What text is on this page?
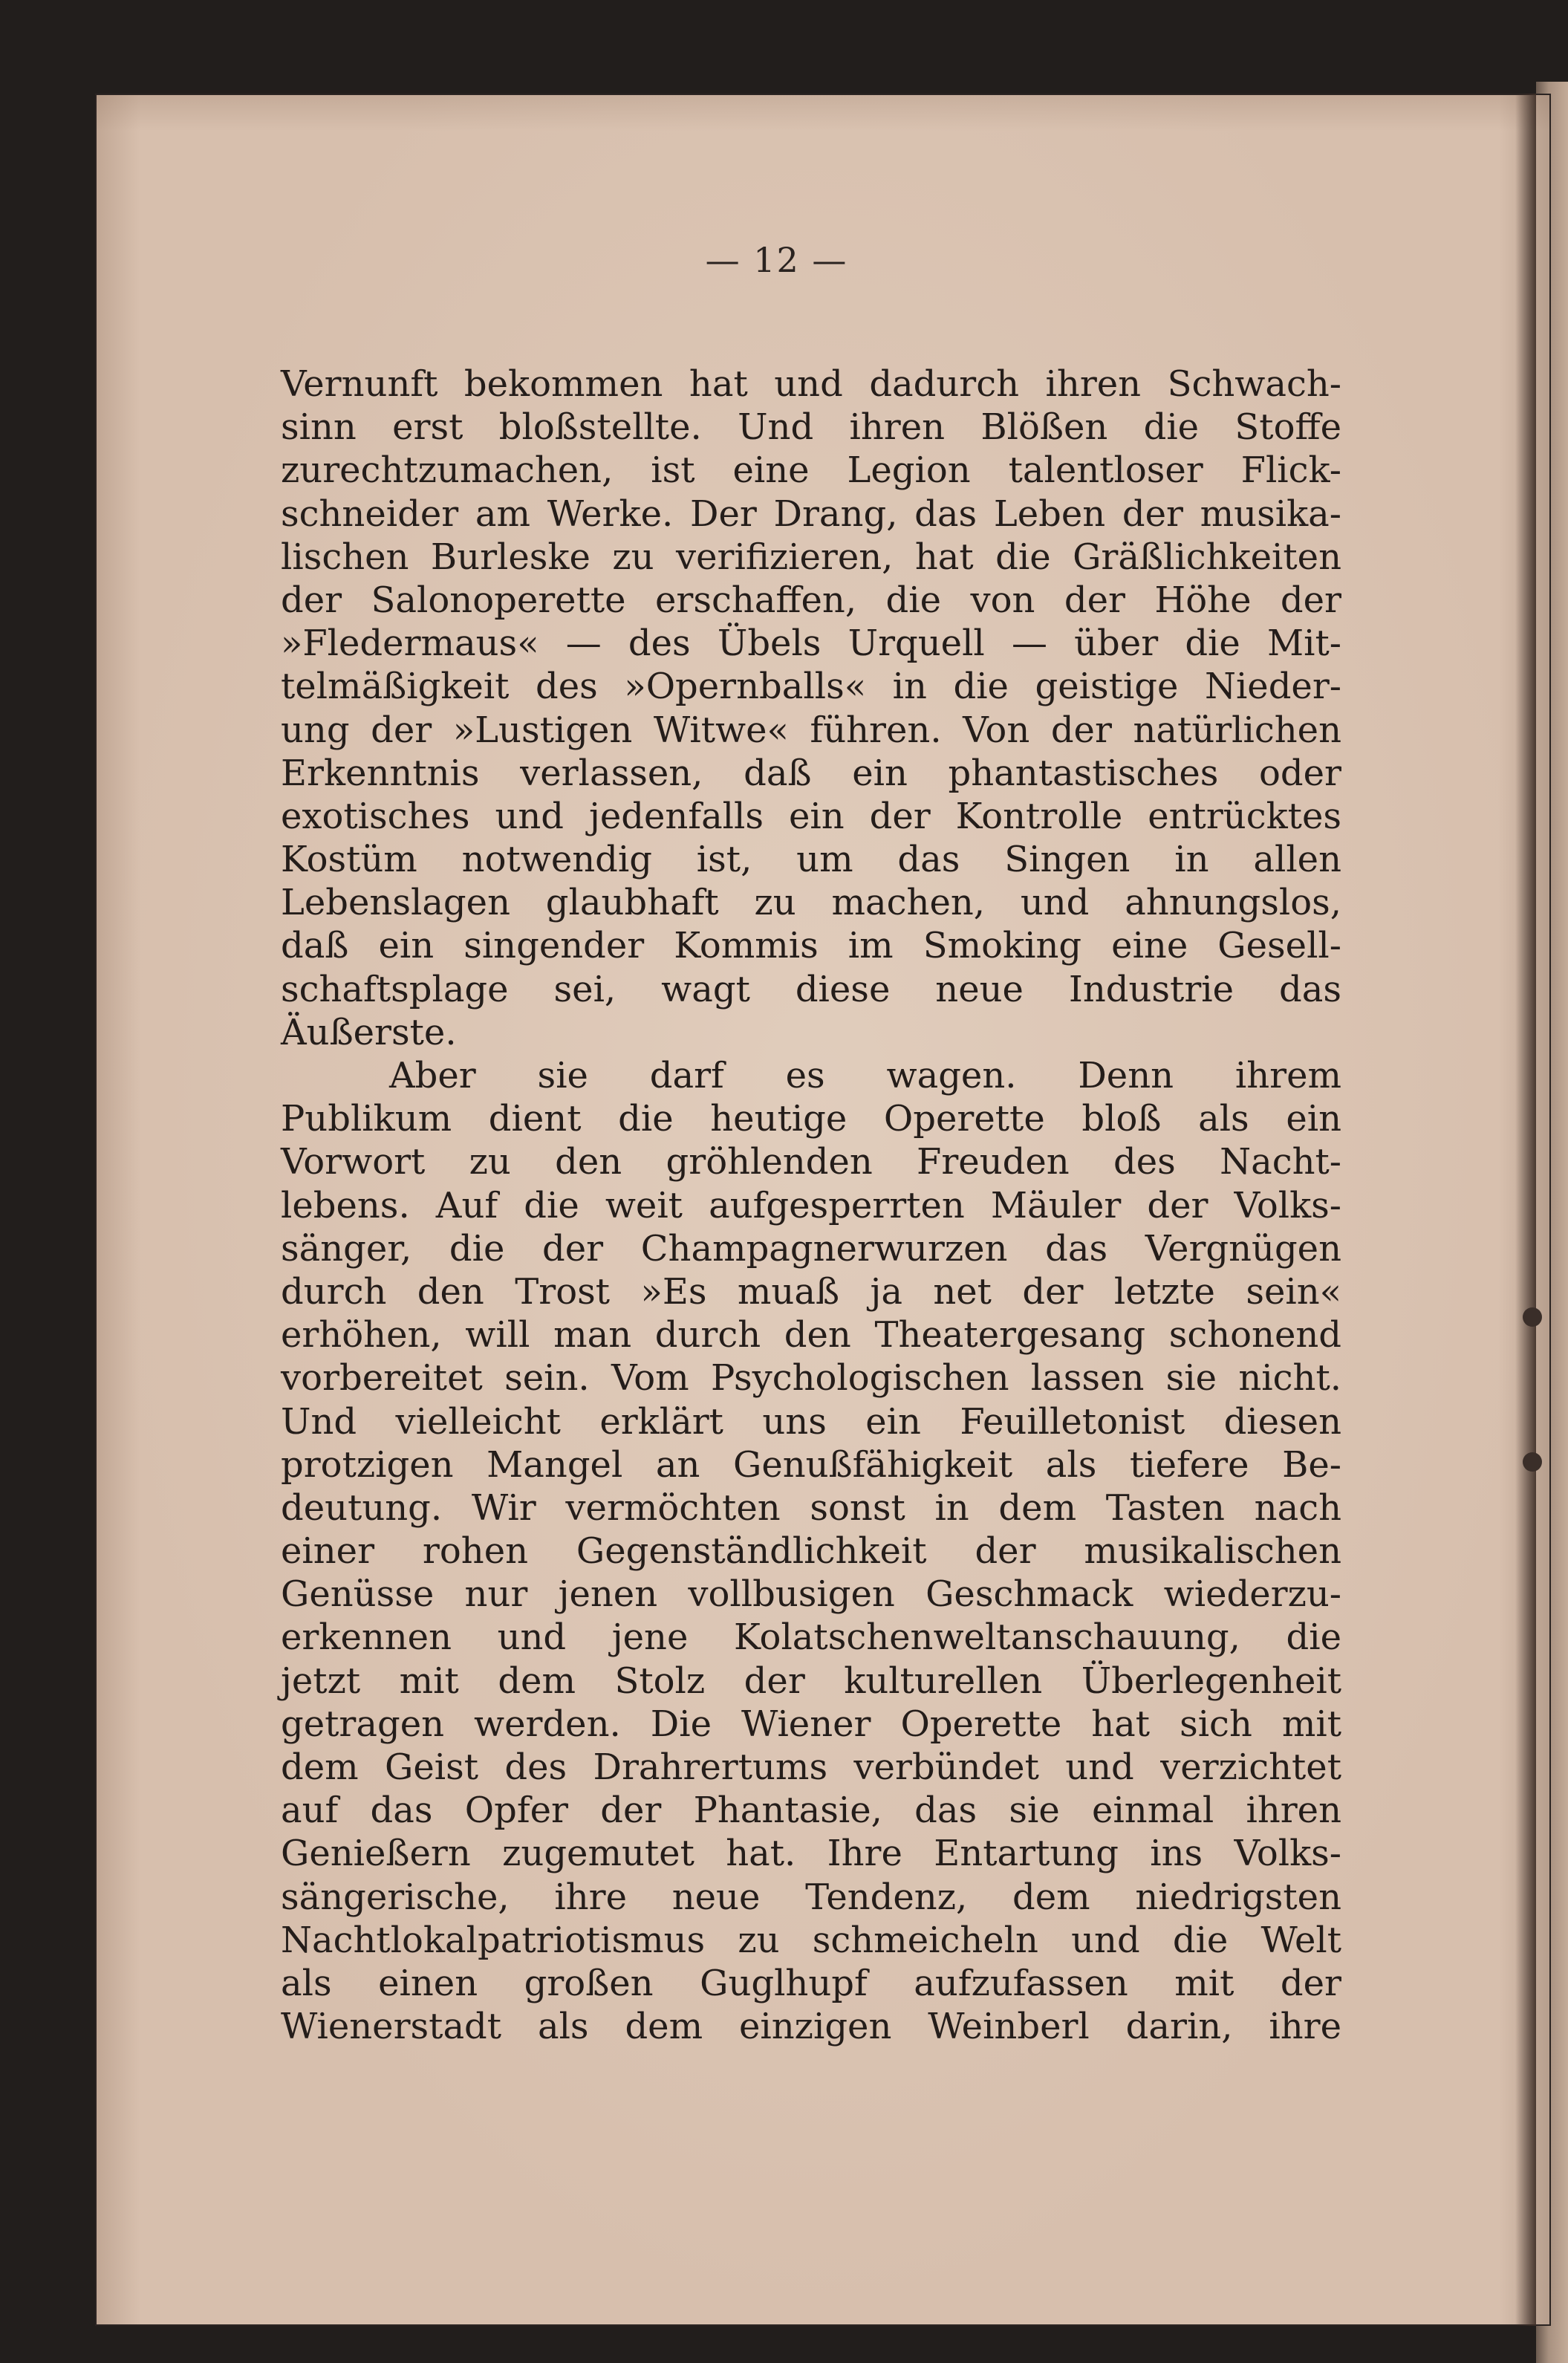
— 12 —
Vernunft bekommen hat und dadurch ihren Schwach-
sinn erst bloßstellte. Und ihren Blößen die Stoffe
zurechtzumachen, ist eine Legion talentloser Flick-
schneider am Werke. Der Drang, das Leben der musika-
lischen Burleske zu verifizieren, hat die Gräßlichkeiten
der Salonoperette erschaffen, die von der Höhe der
»Fledermaus« — des Übels Urquell — über die Mit-
telmäßigkeit des »Opernballs« in die geistige Nieder-
ung der »Lustigen Witwe« führen. Von der natürlichen
Erkenntnis verlassen, daß ein phantastisches oder
exotisches und jedenfalls ein der Kontrolle entrücktes
Kostüm notwendig ist, um das Singen in allen
Lebenslagen glaubhaft zu machen, und ahnungslos,
daß ein singender Kommis im Smoking eine Gesell-
schaftsplage sei, wagt diese neue Industrie das
Äußerste.
Aber sie darf es wagen. Denn ihrem
Publikum dient die heutige Operette bloß als ein
Vorwort zu den gröhlenden Freuden des Nacht-
lebens. Auf die weit aufgesperrten Mäuler der Volks-
sänger, die der Champagnerwurzen das Vergnügen
durch den Trost »Es muaß ja net der letzte sein«
erhöhen, will man durch den Theatergesang schonend
vorbereitet sein. Vom Psychologischen lassen sie nicht.
Und vielleicht erklärt uns ein Feuilletonist diesen
protzigen Mangel an Genußfähigkeit als tiefere Be-
deutung. Wir vermöchten sonst in dem Tasten nach
einer rohen Gegenständlichkeit der musikalischen
Genüsse nur jenen vollbusigen Geschmack wiederzu-
erkennen und jene Kolatschenweltanschauung, die
jetzt mit dem Stolz der kulturellen Überlegenheit
getragen werden. Die Wiener Operette hat sich mit
dem Geist des Drahrertums verbündet und verzichtet
auf das Opfer der Phantasie, das sie einmal ihren
Genießern zugemutet hat. Ihre Entartung ins Volks-
sängerische, ihre neue Tendenz, dem niedrigsten
Nachtlokalpatriotismus zu schmeicheln und die Welt
als einen großen Guglhupf aufzufassen mit der
Wienerstadt als dem einzigen Weinberl darin, ihre
